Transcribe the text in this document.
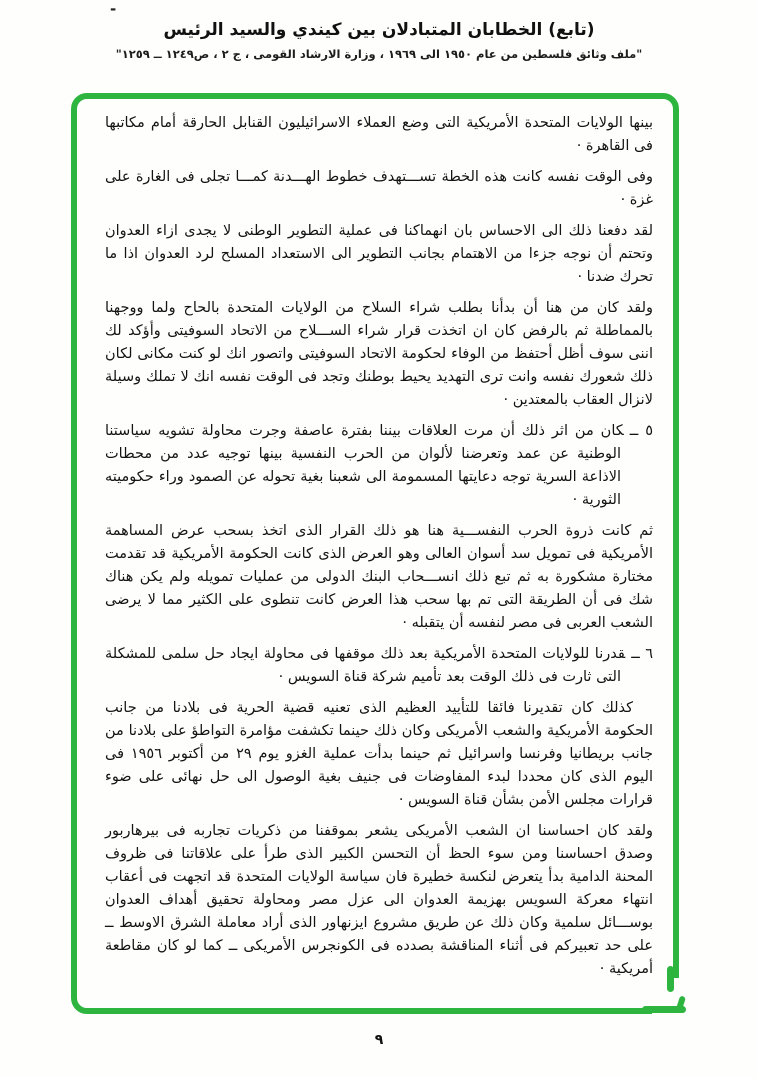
-
(تابع) الخطابان المتبادلان بين كيندي والسيد الرئيس
"ملف وثائق فلسطين من عام ١٩٥٠ الى ١٩٦٩ ، وزارة الارشاد القومى ، ج ٢ ، ص١٢٤٩ ــ ١٢٥٩"

بينها الولايات المتحدة الأمريكية التى وضع العملاء الاسرائيليون القنابل الحارقة أمام مكاتبها فى القاهرة ·

وفى الوقت نفسه كانت هذه الخطة تســـتهدف خطوط الهـــدنة كمـــا تجلى فى الغارة على غزة ·

لقد دفعنا ذلك الى الاحساس بان انهماكنا فى عملية التطوير الوطنى لا يجدى ازاء العدوان وتحتم أن نوجه جزءا من الاهتمام بجانب التطوير الى الاستعداد المسلح لرد العدوان اذا ما تحرك ضدنا ·

ولقد كان من هنا أن بدأنا بطلب شراء السلاح من الولايات المتحدة بالحاح ولما ووجهنا بالمماطلة ثم بالرفض كان ان اتخذت قرار شراء الســـلاح من الاتحاد السوفيتى وأؤكد لك اننى سوف أظل أحتفظ من الوفاء لحكومة الاتحاد السوفيتى واتصور انك لو كنت مكانى لكان ذلك شعورك نفسه وانت ترى التهديد يحيط بوطنك وتجد فى الوقت نفسه انك لا تملك وسيلة لانزال العقاب بالمعتدين ·

٥ ــكان من اثر ذلك أن مرت العلاقات بيننا بفترة عاصفة وجرت محاولة تشويه سياستنا الوطنية عن عمد وتعرضنا لألوان من الحرب النفسية بينها توجيه عدد من محطات الاذاعة السرية توجه دعايتها المسمومة الى شعبنا بغية تحوله عن الصمود وراء حكوميته الثورية ·

ثم كانت ذروة الحرب النفســـية هنا هو ذلك القرار الذى اتخذ بسحب عرض المساهمة الأمريكية فى تمويل سد أسوان العالى وهو العرض الذى كانت الحكومة الأمريكية قد تقدمت مختارة مشكورة به ثم تبع ذلك انســـحاب البنك الدولى من عمليات تمويله ولم يكن هناك شك فى أن الطريقة التى تم بها سحب هذا العرض كانت تنطوى على الكثير مما لا يرضى الشعب العربى فى مصر لنفسه أن يتقبله ·

٦ ــقدرنا للولايات المتحدة الأمريكية بعد ذلك موقفها فى محاولة ايجاد حل سلمى للمشكلة التى ثارت فى ذلك الوقت بعد تأميم شركة قناة السويس ·

كذلك كان تقديرنا فائقا للتأييد العظيم الذى تعنيه قضية الحرية فى بلادنا من جانب الحكومة الأمريكية والشعب الأمريكى وكان ذلك حينما تكشفت مؤامرة التواطؤ على بلادنا من جانب بريطانيا وفرنسا واسرائيل ثم حينما بدأت عملية الغزو يوم ٢٩ من أكتوبر ١٩٥٦ فى اليوم الذى كان محددا لبدء المفاوضات فى جنيف بغية الوصول الى حل نهائى على ضوء قرارات مجلس الأمن بشأن قناة السويس ·

ولقد كان احساسنا ان الشعب الأمريكى يشعر بموقفنا من ذكريات تجاربه فى بيرهاربور وصدق احساسنا ومن سوء الحظ أن التحسن الكبير الذى طرأ على علاقاتنا فى ظروف المحنة الدامية بدأ يتعرض لنكسة خطيرة فان سياسة الولايات المتحدة قد اتجهت فى أعقاب انتهاء معركة السويس بهزيمة العدوان الى عزل مصر ومحاولة تحقيق أهداف العدوان بوســـائل سلمية وكان ذلك عن طريق مشروع ايزنهاور الذى أراد معاملة الشرق الاوسط ــ على حد تعبيركم فى أثناء المناقشة بصدده فى الكونجرس الأمريكى ــ كما لو كان مقاطعة أمريكية ·

٩
